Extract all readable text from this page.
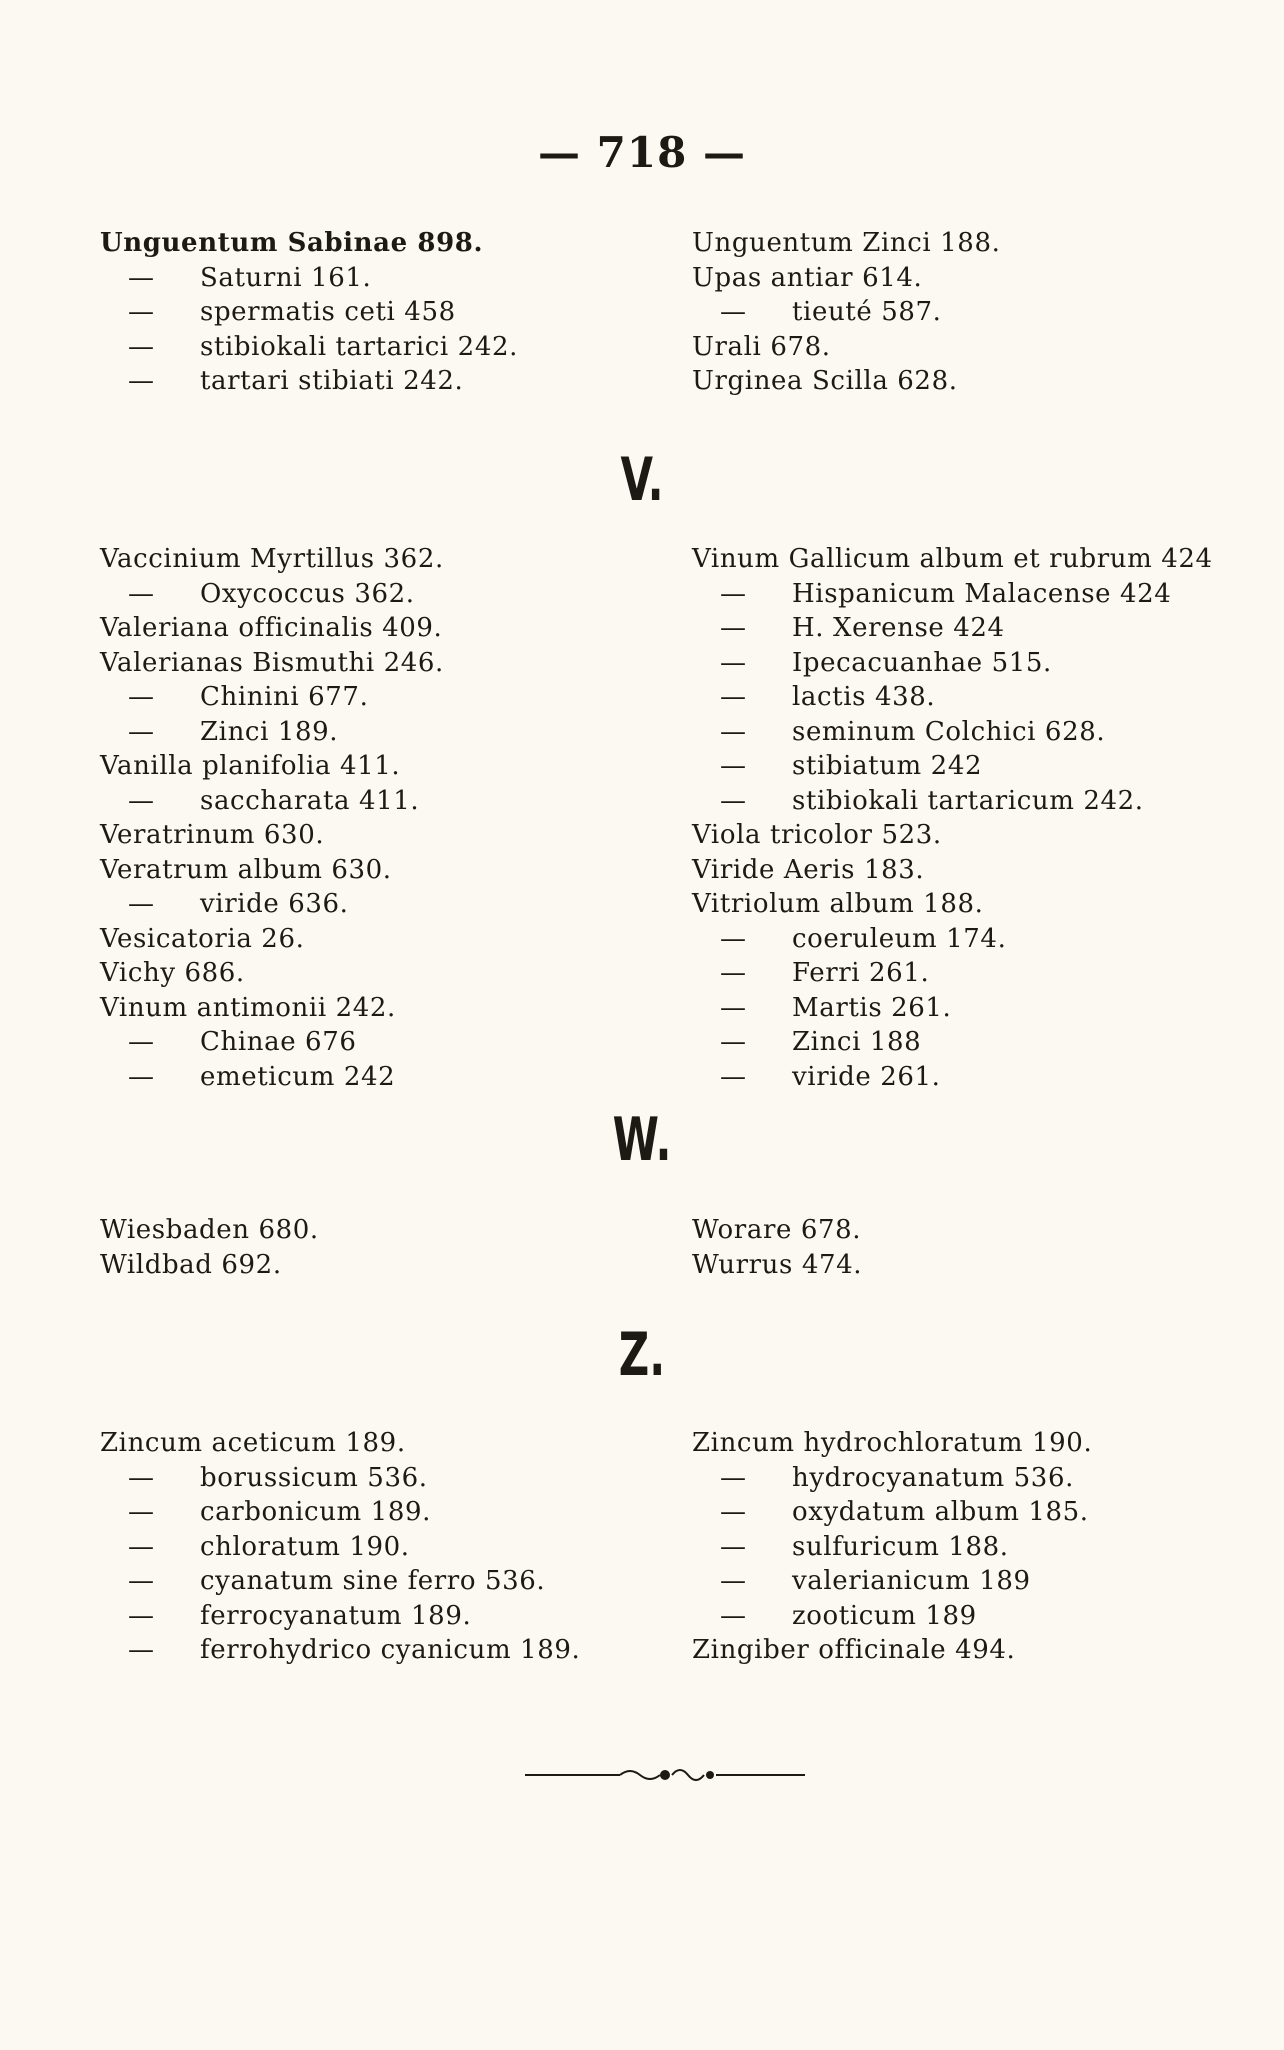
— 718 —
Unguentum Sabinae 898.
— Saturni 161.
— spermatis ceti 458
— stibiokali tartarici 242.
— tartari stibiati 242.
Unguentum Zinci 188.
Upas antiar 614.
— tieuté 587.
Urali 678.
Urginea Scilla 628.
V.
Vaccinium Myrtillus 362.
— Oxycoccus 362.
Valeriana officinalis 409.
Valerianas Bismuthi 246.
— Chinini 677.
— Zinci 189.
Vanilla planifolia 411.
— saccharata 411.
Veratrinum 630.
Veratrum album 630.
— viride 636.
Vesicatoria 26.
Vichy 686.
Vinum antimonii 242.
— Chinae 676
— emeticum 242
Vinum Gallicum album et rubrum 424
— Hispanicum Malacense 424
— H. Xerense 424
— Ipecacuanhae 515.
— lactis 438.
— seminum Colchici 628.
— stibiatum 242
— stibiokali tartaricum 242.
Viola tricolor 523.
Viride Aeris 183.
Vitriolum album 188.
— coeruleum 174.
— Ferri 261.
— Martis 261.
— Zinci 188
— viride 261.
W.
Wiesbaden 680.
Wildbad 692.
Worare 678.
Wurrus 474.
Z.
Zincum aceticum 189.
— borussicum 536.
— carbonicum 189.
— chloratum 190.
— cyanatum sine ferro 536.
— ferrocyanatum 189.
— ferrohydrico cyanicum 189.
Zincum hydrochloratum 190.
— hydrocyanatum 536.
— oxydatum album 185.
— sulfuricum 188.
— valerianicum 189
— zooticum 189
Zingiber officinale 494.
